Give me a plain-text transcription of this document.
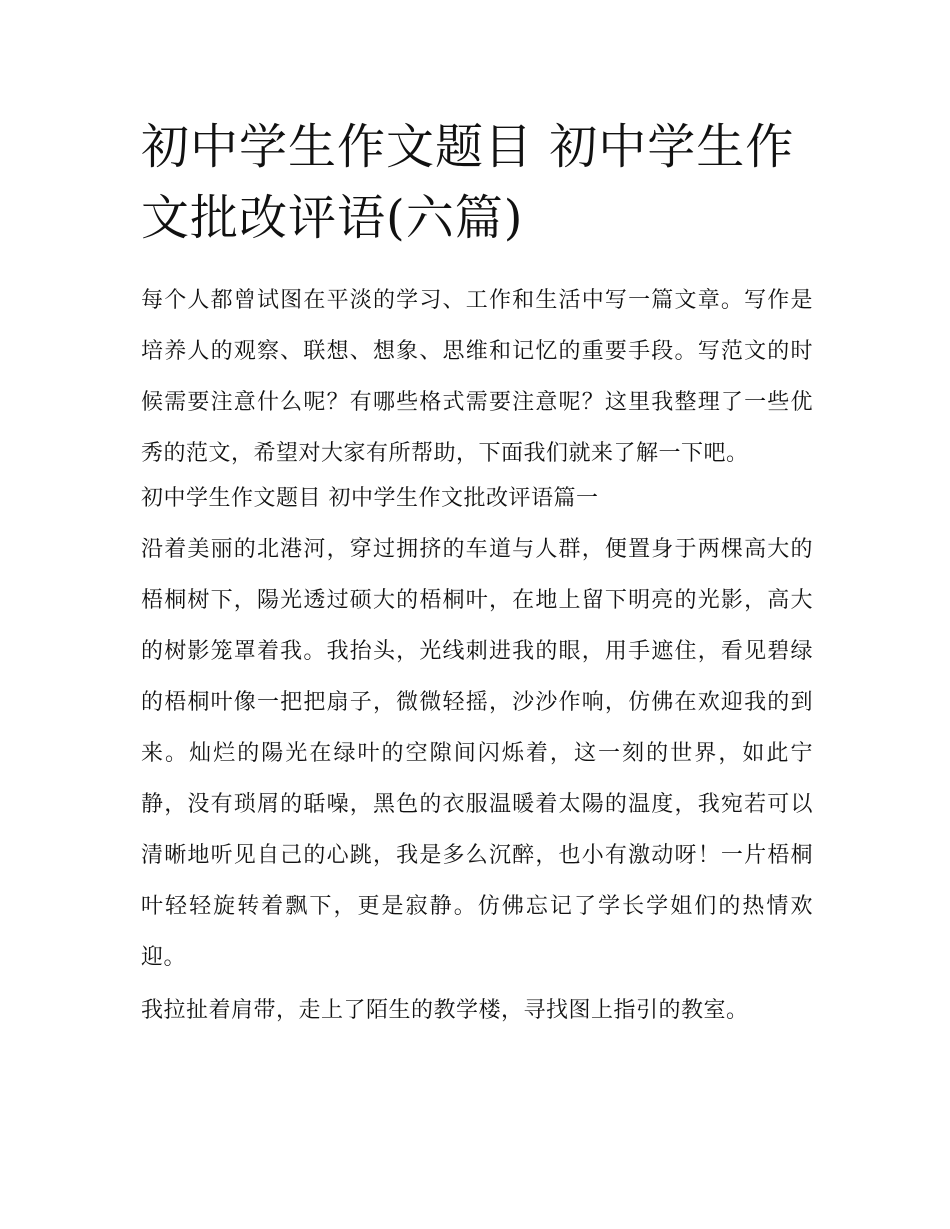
初中学生作文题目 初中学生作文批改评语(六篇)

每个人都曾试图在平淡的学习、工作和生活中写一篇文章。写作是培养人的观察、联想、想象、思维和记忆的重要手段。写范文的时候需要注意什么呢？有哪些格式需要注意呢？这里我整理了一些优秀的范文，希望对大家有所帮助，下面我们就来了解一下吧。

初中学生作文题目 初中学生作文批改评语篇一

沿着美丽的北港河，穿过拥挤的车道与人群，便置身于两棵高大的梧桐树下，陽光透过硕大的梧桐叶，在地上留下明亮的光影，高大的树影笼罩着我。我抬头，光线刺进我的眼，用手遮住，看见碧绿的梧桐叶像一把把扇子，微微轻摇，沙沙作响，仿佛在欢迎我的到来。灿烂的陽光在绿叶的空隙间闪烁着，这一刻的世界，如此宁静，没有琐屑的聒噪，黑色的衣服温暖着太陽的温度，我宛若可以清晰地听见自己的心跳，我是多么沉醉，也小有激动呀！一片梧桐叶轻轻旋转着飘下，更是寂静。仿佛忘记了学长学姐们的热情欢迎。

我拉扯着肩带，走上了陌生的教学楼，寻找图上指引的教室。
